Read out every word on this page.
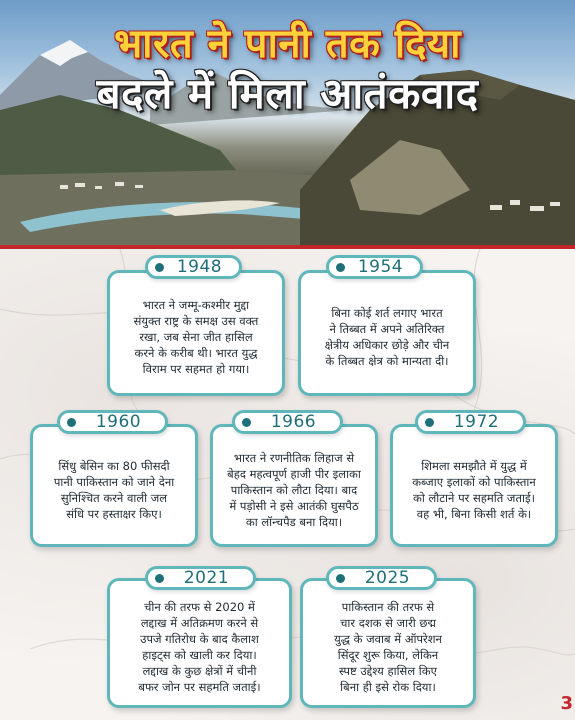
भारत ने पानी तक दिया
बदले में मिला आतंकवाद
भारत ने जम्मू-कश्मीर मुद्दा
संयुक्त राष्ट्र के समक्ष उस वक्त
रखा, जब सेना जीत हासिल
करने के करीब थी। भारत युद्ध
विराम पर सहमत हो गया।
1948
बिना कोई शर्त लगाए भारत
ने तिब्बत में अपने अतिरिक्त
क्षेत्रीय अधिकार छोड़े और चीन
के तिब्बत क्षेत्र को मान्यता दी।
1954
सिंधु बेसिन का 80 फीसदी
पानी पाकिस्तान को जाने देना
सुनिश्चित करने वाली जल
संधि पर हस्ताक्षर किए।
1960
भारत ने रणनीतिक लिहाज से
बेहद महत्वपूर्ण हाजी पीर इलाका
पाकिस्तान को लौटा दिया। बाद
में पड़ोसी ने इसे आतंकी घुसपैठ
का लॉन्चपैड बना दिया।
1966
शिमला समझौते में युद्ध में
कब्जाए इलाकों को पाकिस्तान
को लौटाने पर सहमति जताई।
वह भी, बिना किसी शर्त के।
1972
चीन की तरफ से 2020 में
लद्दाख में अतिक्रमण करने से
उपजे गतिरोध के बाद कैलाश
हाइट्स को खाली कर दिया।
लद्दाख के कुछ क्षेत्रों में चीनी
बफर जोन पर सहमति जताई।
2021
पाकिस्तान की तरफ से
चार दशक से जारी छद्म
युद्ध के जवाब में ऑपरेशन
सिंदूर शुरू किया, लेकिन
स्पष्ट उद्देश्य हासिल किए
बिना ही इसे रोक दिया।
2025
3
